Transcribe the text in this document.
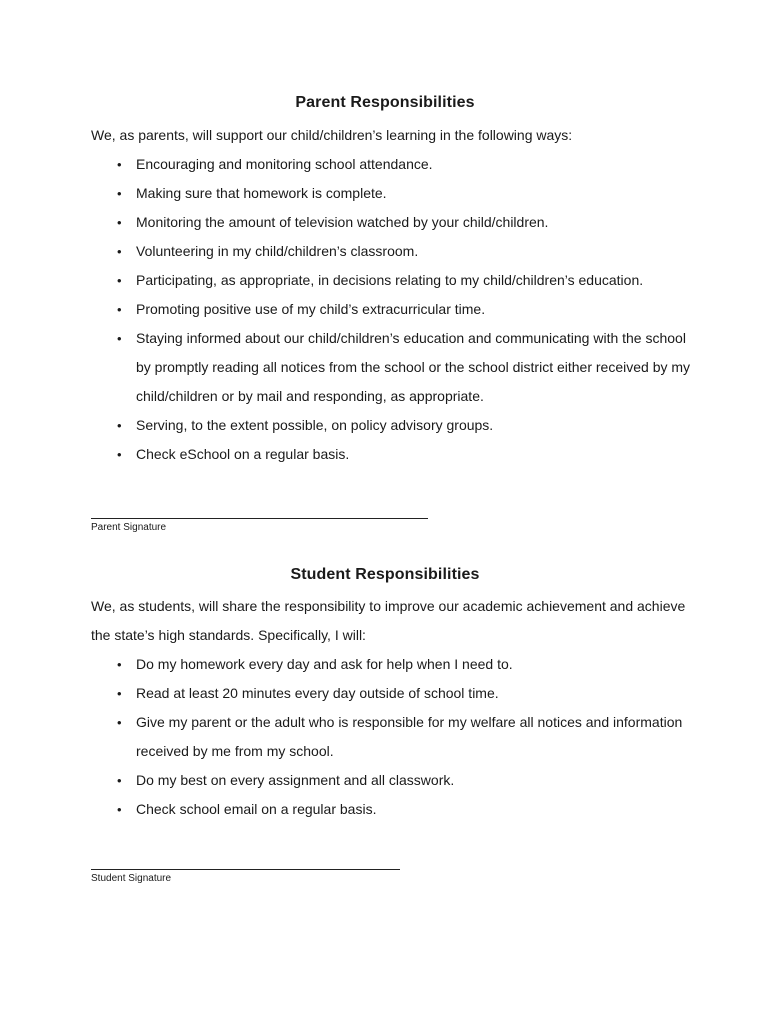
Parent Responsibilities
We, as parents, will support our child/children’s learning in the following ways:
• Encouraging and monitoring school attendance.
• Making sure that homework is complete.
• Monitoring the amount of television watched by your child/children.
• Volunteering in my child/children’s classroom.
• Participating, as appropriate, in decisions relating to my child/children’s education.
• Promoting positive use of my child’s extracurricular time.
• Staying informed about our child/children’s education and communicating with the school by promptly reading all notices from the school or the school district either received by my child/children or by mail and responding, as appropriate.
• Serving, to the extent possible, on policy advisory groups.
• Check eSchool on a regular basis.
Parent Signature
Student Responsibilities
We, as students, will share the responsibility to improve our academic achievement and achieve the state’s high standards. Specifically, I will:
• Do my homework every day and ask for help when I need to.
• Read at least 20 minutes every day outside of school time.
• Give my parent or the adult who is responsible for my welfare all notices and information received by me from my school.
• Do my best on every assignment and all classwork.
• Check school email on a regular basis.
Student Signature
